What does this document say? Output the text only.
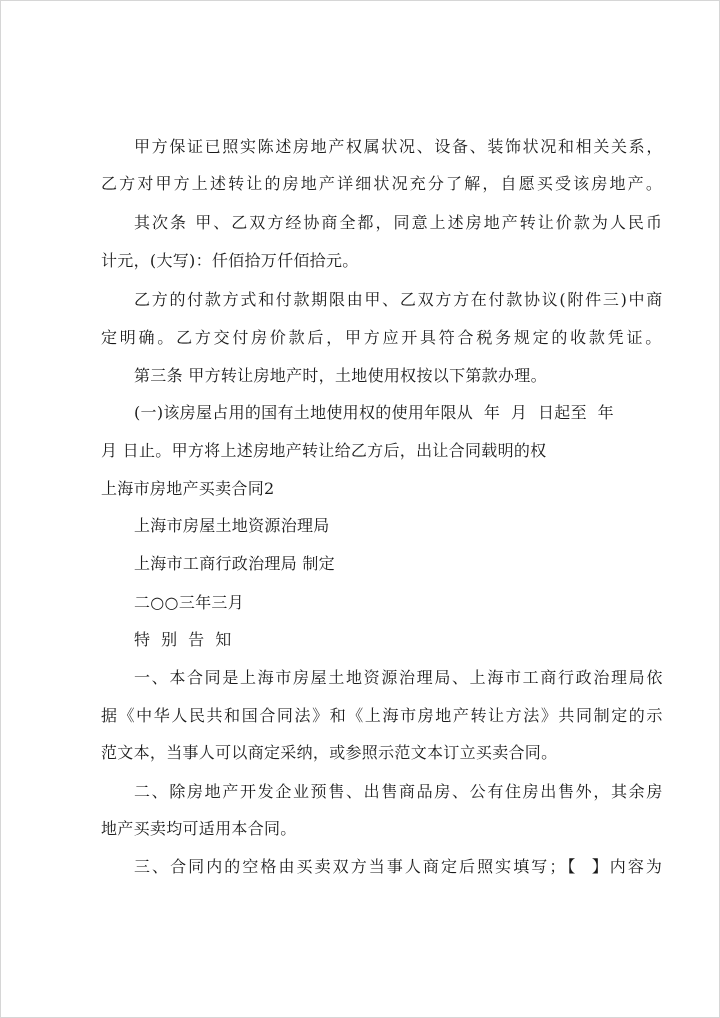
甲方保证已照实陈述房地产权属状况、设备、装饰状况和相关关系，
乙方对甲方上述转让的房地产详细状况充分了解，自愿买受该房地产。
其次条 甲、乙双方经协商全都，同意上述房地产转让价款为人民币
计元，(大写)：仟佰拾万仟佰拾元。
乙方的付款方式和付款期限由甲、乙双方方在付款协议(附件三)中商
定明确。乙方交付房价款后，甲方应开具符合税务规定的收款凭证。
第三条 甲方转让房地产时，土地使用权按以下第款办理。
(一)该房屋占用的国有土地使用权的使用年限从  年  月  日起至  年
月 日止。甲方将上述房地产转让给乙方后，出让合同载明的权
上海市房地产买卖合同2
上海市房屋土地资源治理局
上海市工商行政治理局 制定
二○○三年三月
特 别 告 知
一、本合同是上海市房屋土地资源治理局、上海市工商行政治理局依
据《中华人民共和国合同法》和《上海市房地产转让方法》共同制定的示
范文本，当事人可以商定采纳，或参照示范文本订立买卖合同。
二、除房地产开发企业预售、出售商品房、公有住房出售外，其余房
地产买卖均可适用本合同。
三、合同内的空格由买卖双方当事人商定后照实填写；【  】内容为
